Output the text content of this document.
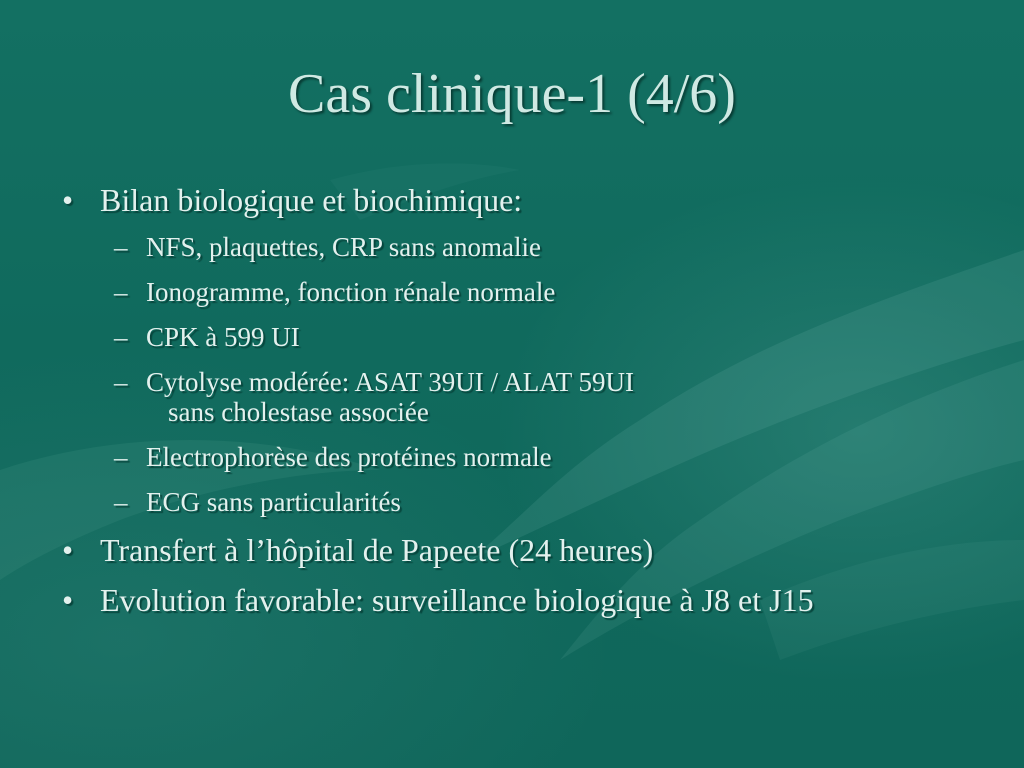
Cas clinique-1 (4/6)
• Bilan biologique et biochimique:
– NFS, plaquettes, CRP sans anomalie
– Ionogramme, fonction rénale normale
– CPK à 599 UI
– Cytolyse modérée: ASAT 39UI / ALAT 59UI
sans cholestase associée
– Electrophorèse des protéines normale
– ECG sans particularités
• Transfert à l’hôpital de Papeete (24 heures)
• Evolution favorable: surveillance biologique à J8 et J15
